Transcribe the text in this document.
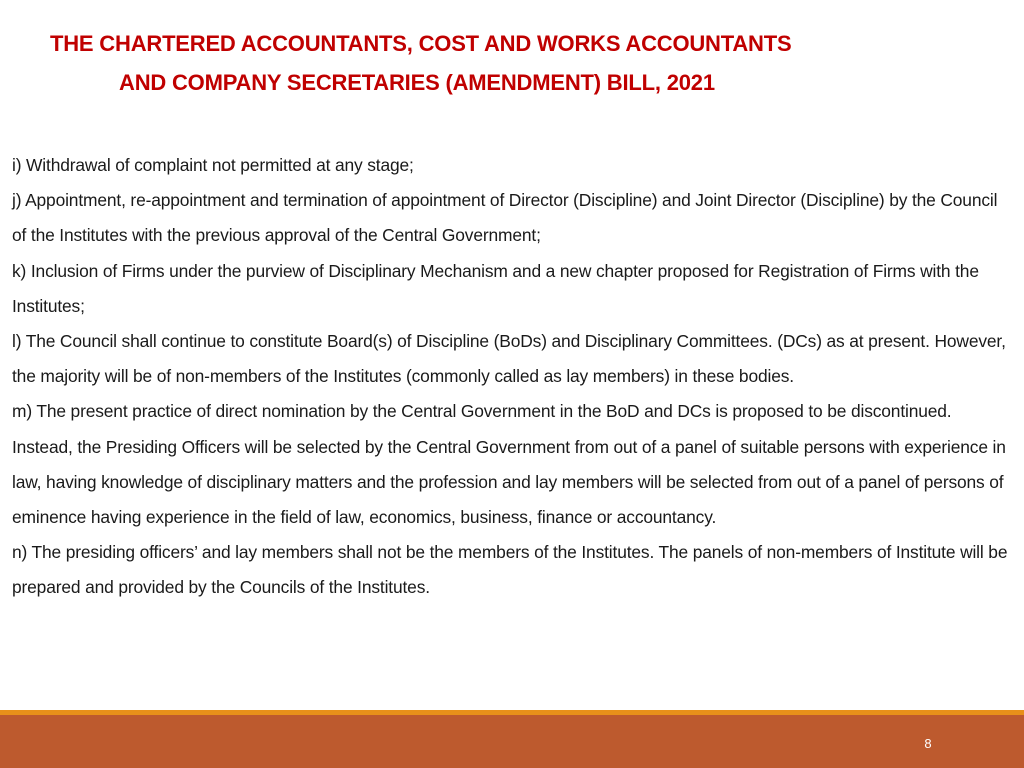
THE CHARTERED ACCOUNTANTS, COST AND WORKS ACCOUNTANTS
AND COMPANY SECRETARIES (AMENDMENT) BILL, 2021

i) Withdrawal of complaint not permitted at any stage;

j) Appointment, re-appointment and termination of appointment of Director (Discipline) and Joint Director (Discipline) by the Council of the Institutes with the previous approval of the Central Government;

k) Inclusion of Firms under the purview of Disciplinary Mechanism and a new chapter proposed for Registration of Firms with the Institutes;

l) The Council shall continue to constitute Board(s) of Discipline (BoDs) and Disciplinary Committees. (DCs) as at present. However, the majority will be of non-members of the Institutes (commonly called as lay members) in these bodies.

m) The present practice of direct nomination by the Central Government in the BoD and DCs is proposed to be discontinued. Instead, the Presiding Officers will be selected by the Central Government from out of a panel of suitable persons with experience in law, having knowledge of disciplinary matters and the profession and lay members will be selected from out of a panel of persons of eminence having experience in the field of law, economics, business, finance or accountancy.

n) The presiding officers’ and lay members shall not be the members of the Institutes. The panels of non-members of Institute will be prepared and provided by the Councils of the Institutes.

8
